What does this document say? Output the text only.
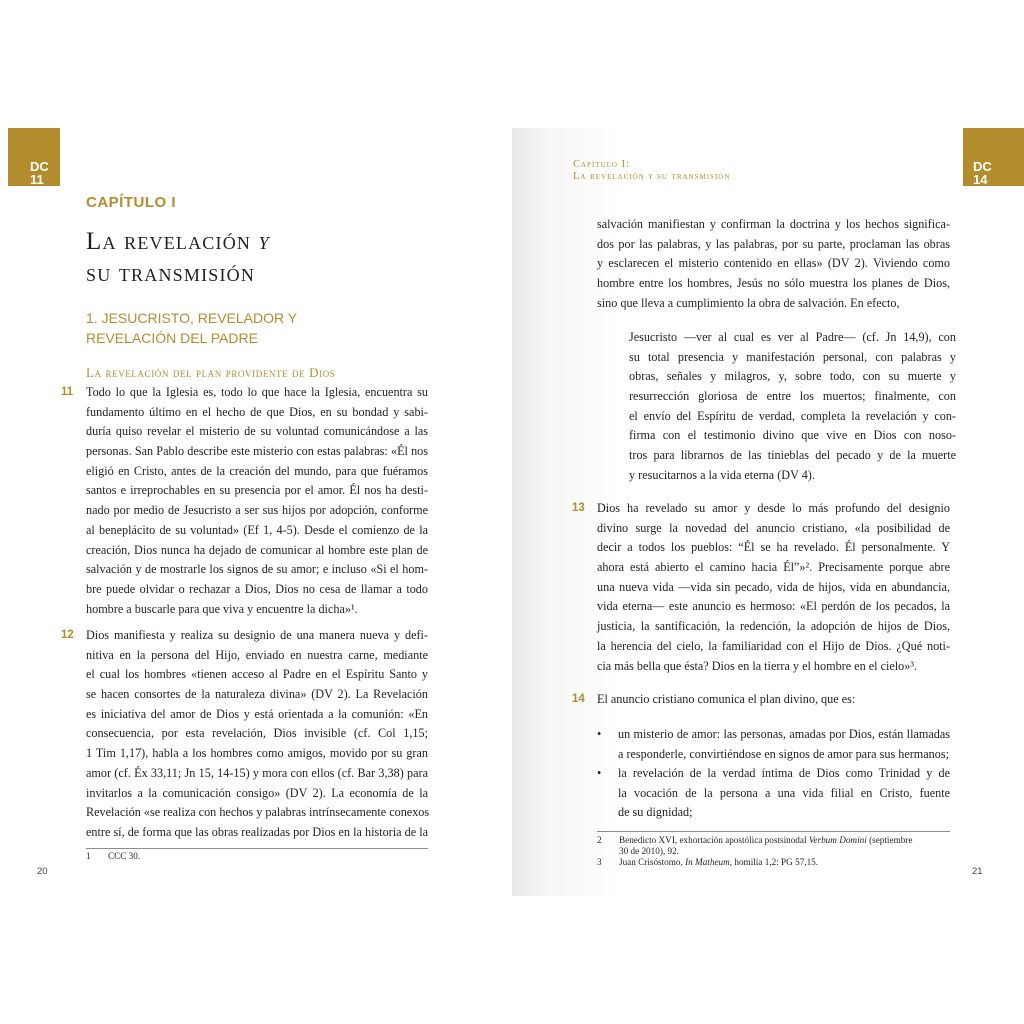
DC
11
CAPÍTULO I
La revelación y
su transmisión
1. JESUCRISTO, REVELADOR Y
REVELACIÓN DEL PADRE
La revelación del plan providente de Dios
11 Todo lo que la Iglesia es, todo lo que hace la Iglesia, encuentra su
fundamento último en el hecho de que Dios, en su bondad y sabi-
duría quiso revelar el misterio de su voluntad comunicándose a las
personas. San Pablo describe este misterio con estas palabras: «Él nos
eligió en Cristo, antes de la creación del mundo, para que fuéramos
santos e irreprochables en su presencia por el amor. Él nos ha desti-
nado por medio de Jesucristo a ser sus hijos por adopción, conforme
al beneplácito de su voluntad» (Ef 1, 4-5). Desde el comienzo de la
creación, Dios nunca ha dejado de comunicar al hombre este plan de
salvación y de mostrarle los signos de su amor; e incluso «Si el hom-
bre puede olvidar o rechazar a Dios, Dios no cesa de llamar a todo
hombre a buscarle para que viva y encuentre la dicha»¹.
12 Dios manifiesta y realiza su designio de una manera nueva y defi-
nitiva en la persona del Hijo, enviado en nuestra carne, mediante
el cual los hombres «tienen acceso al Padre en el Espíritu Santo y
se hacen consortes de la naturaleza divina» (DV 2). La Revelación
es iniciativa del amor de Dios y está orientada a la comunión: «En
consecuencia, por esta revelación, Dios invisible (cf. Col 1,15;
1 Tim 1,17), habla a los hombres como amigos, movido por su gran
amor (cf. Éx 33,11; Jn 15, 14-15) y mora con ellos (cf. Bar 3,38) para
invitarlos a la comunicación consigo» (DV 2). La economía de la
Revelación «se realiza con hechos y palabras intrínsecamente conexos
entre sí, de forma que las obras realizadas por Dios en la historia de la
1 CCC 30.
20
DC
14
Capítulo I:
La revelación y su transmisión
salvación manifiestan y confirman la doctrina y los hechos significa-
dos por las palabras, y las palabras, por su parte, proclaman las obras
y esclarecen el misterio contenido en ellas» (DV 2). Viviendo como
hombre entre los hombres, Jesús no sólo muestra los planes de Dios,
sino que lleva a cumplimiento la obra de salvación. En efecto,
Jesucristo —ver al cual es ver al Padre— (cf. Jn 14,9), con
su total presencia y manifestación personal, con palabras y
obras, señales y milagros, y, sobre todo, con su muerte y
resurrección gloriosa de entre los muertos; finalmente, con
el envío del Espíritu de verdad, completa la revelación y con-
firma con el testimonio divino que vive en Dios con noso-
tros para librarnos de las tinieblas del pecado y de la muerte
y resucitarnos a la vida eterna (DV 4).
13 Dios ha revelado su amor y desde lo más profundo del designio
divino surge la novedad del anuncio cristiano, «la posibilidad de
decir a todos los pueblos: “Él se ha revelado. Él personalmente. Y
ahora está abierto el camino hacia Él”»². Precisamente porque abre
una nueva vida —vida sin pecado, vida de hijos, vida en abundancia,
vida eterna— este anuncio es hermoso: «El perdón de los pecados, la
justicia, la santificación, la redención, la adopción de hijos de Dios,
la herencia del cielo, la familiaridad con el Hijo de Dios. ¿Qué noti-
cia más bella que ésta? Dios en la tierra y el hombre en el cielo»³.
14 El anuncio cristiano comunica el plan divino, que es:
• un misterio de amor: las personas, amadas por Dios, están llamadas
a responderle, convirtiéndose en signos de amor para sus hermanos;
• la revelación de la verdad íntima de Dios como Trinidad y de
la vocación de la persona a una vida filial en Cristo, fuente
de su dignidad;
2 Benedicto XVI, exhortación apostólica postsinodal Verbum Domini (septiembre
30 de 2010), 92.
3 Juan Crisóstomo, In Matheum, homilía 1,2: PG 57,15.
21
